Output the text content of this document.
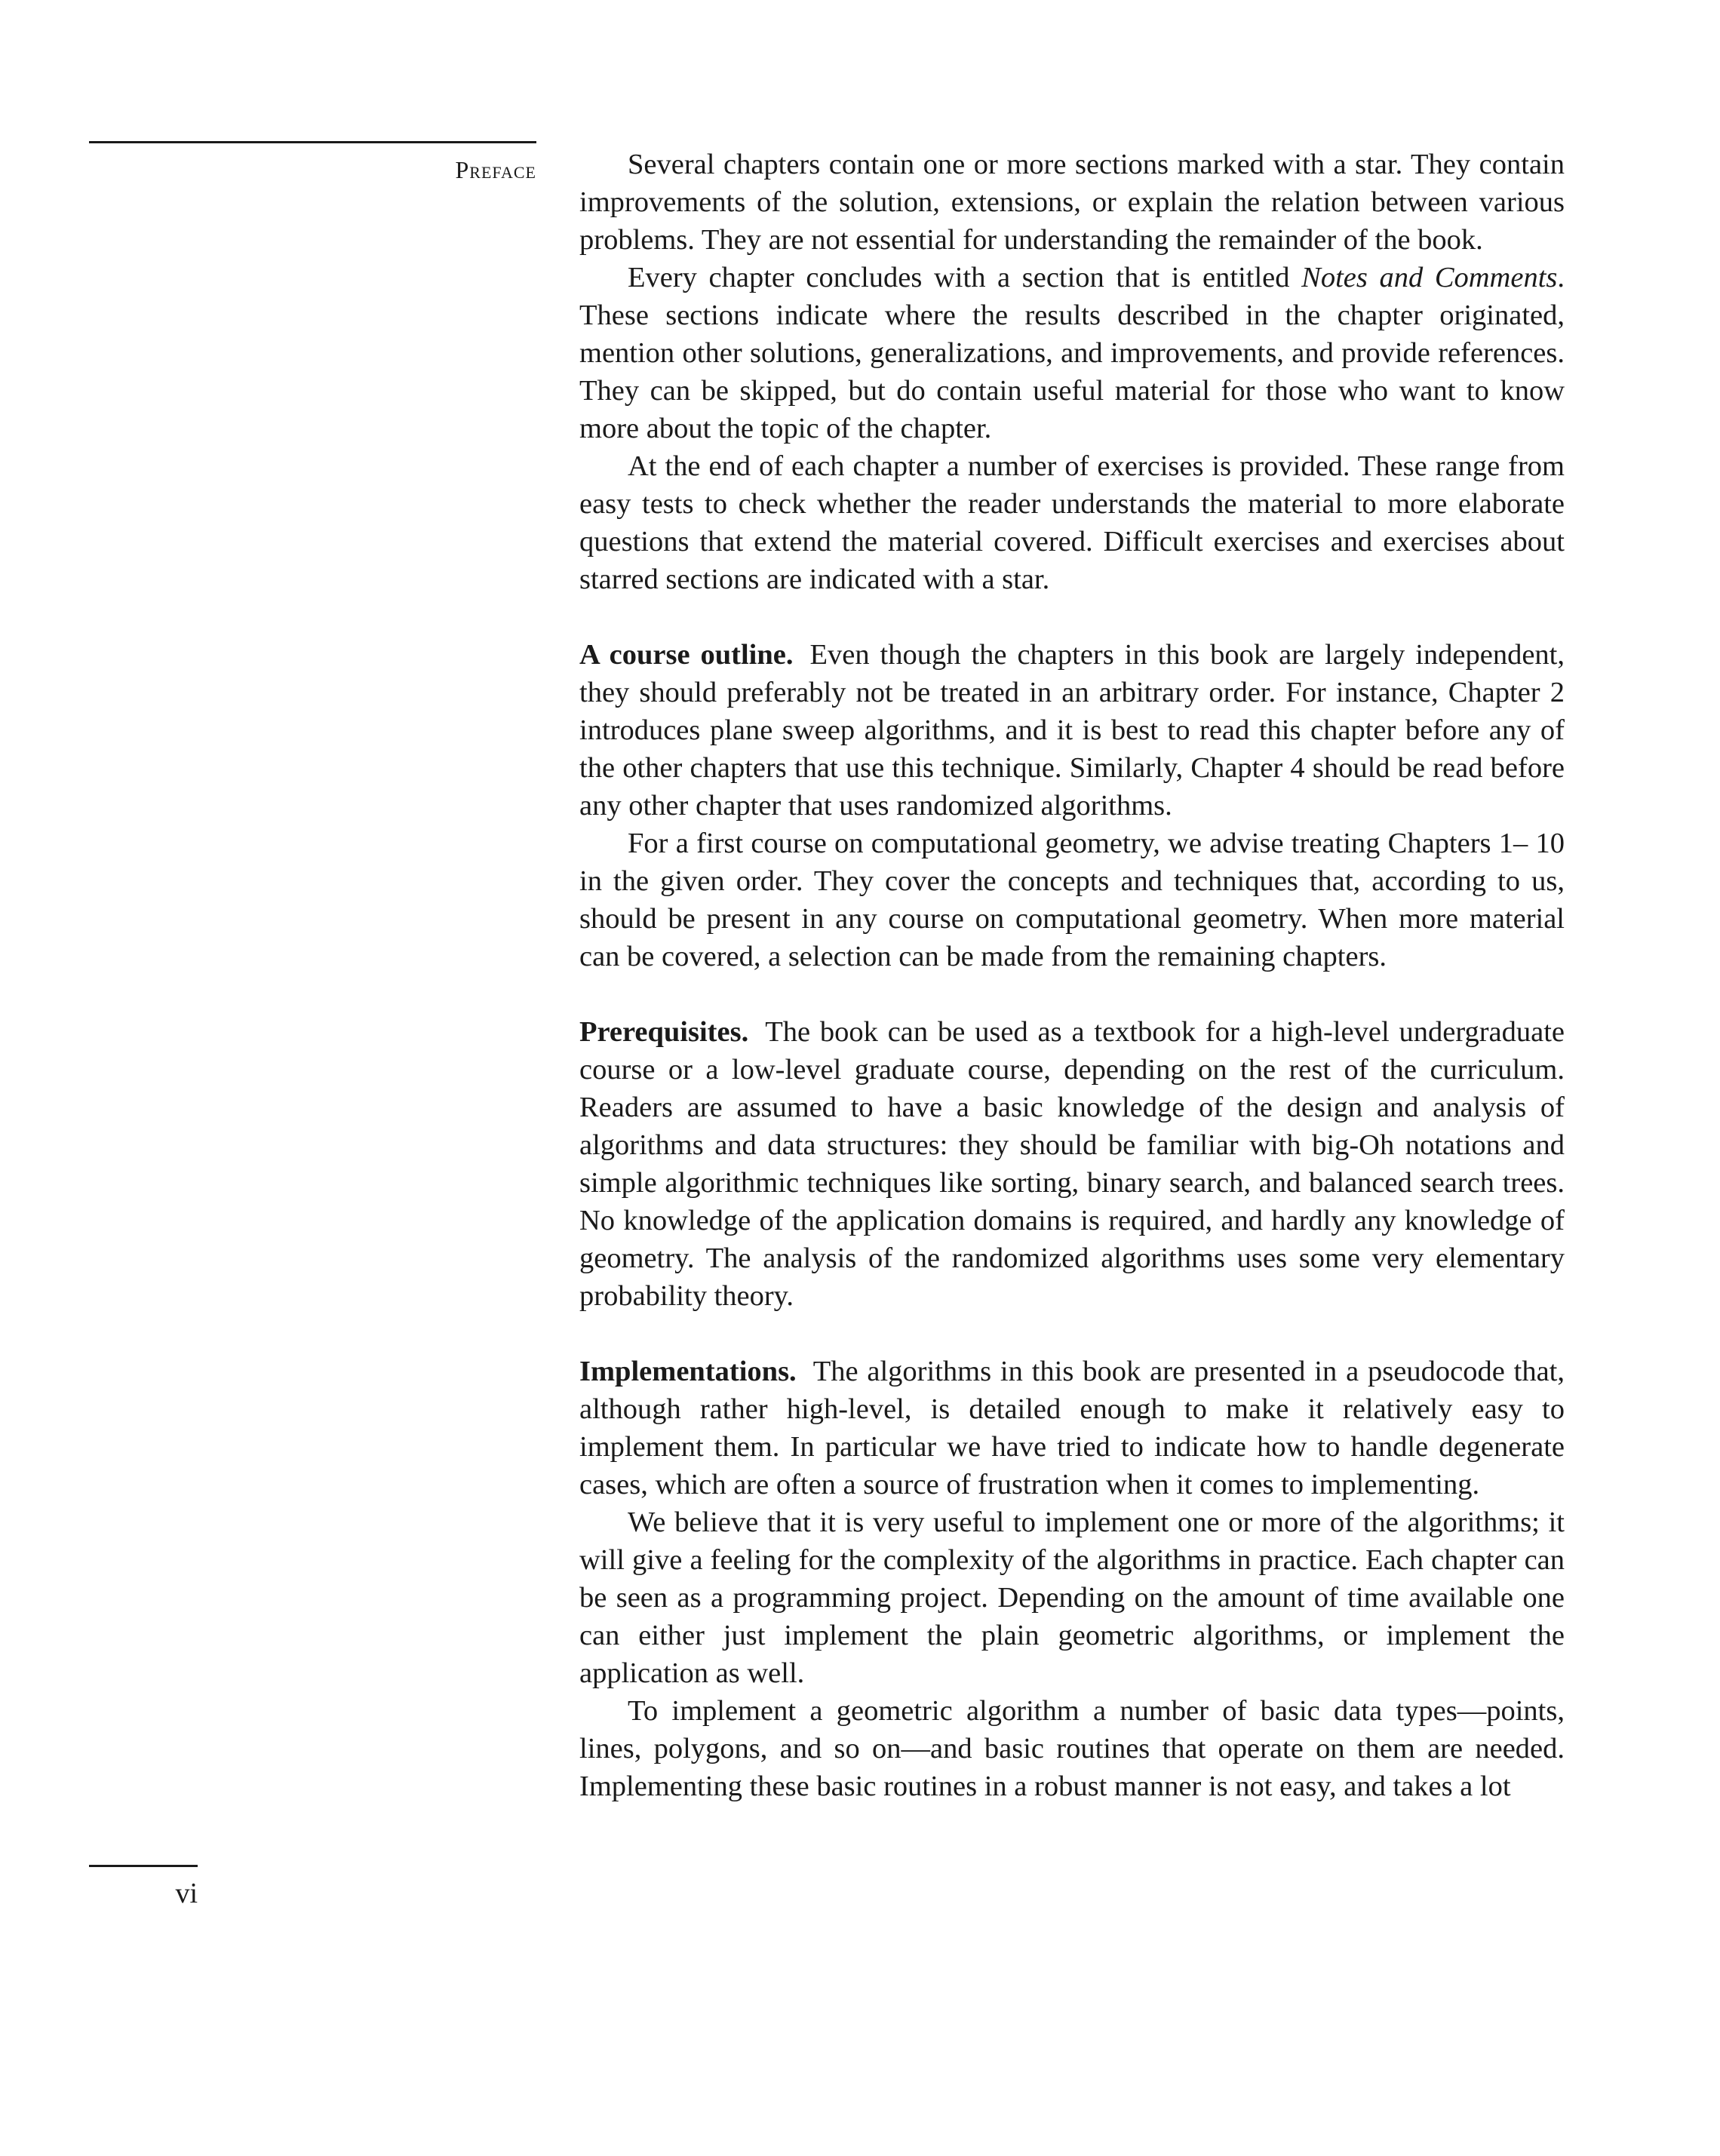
Preface	Several chapters contain one or more sections marked with a star. They contain improvements of the solution, extensions, or explain the relation between various problems. They are not essential for understanding the remainder of the book.

Every chapter concludes with a section that is entitled Notes and Comments. These sections indicate where the results described in the chapter originated, mention other solutions, generalizations, and improvements, and provide references. They can be skipped, but do contain useful material for those who want to know more about the topic of the chapter.

At the end of each chapter a number of exercises is provided. These range from easy tests to check whether the reader understands the material to more elaborate questions that extend the material covered. Difficult exercises and exercises about starred sections are indicated with a star.

A course outline. Even though the chapters in this book are largely independent, they should preferably not be treated in an arbitrary order. For instance, Chapter 2 introduces plane sweep algorithms, and it is best to read this chapter before any of the other chapters that use this technique. Similarly, Chapter 4 should be read before any other chapter that uses randomized algorithms.

For a first course on computational geometry, we advise treating Chapters 1– 10 in the given order. They cover the concepts and techniques that, according to us, should be present in any course on computational geometry. When more material can be covered, a selection can be made from the remaining chapters.

Prerequisites. The book can be used as a textbook for a high-level undergraduate course or a low-level graduate course, depending on the rest of the curriculum. Readers are assumed to have a basic knowledge of the design and analysis of algorithms and data structures: they should be familiar with big-Oh notations and simple algorithmic techniques like sorting, binary search, and balanced search trees. No knowledge of the application domains is required, and hardly any knowledge of geometry. The analysis of the randomized algorithms uses some very elementary probability theory.

Implementations. The algorithms in this book are presented in a pseudocode that, although rather high-level, is detailed enough to make it relatively easy to implement them. In particular we have tried to indicate how to handle degenerate cases, which are often a source of frustration when it comes to implementing.

We believe that it is very useful to implement one or more of the algorithms; it will give a feeling for the complexity of the algorithms in practice. Each chapter can be seen as a programming project. Depending on the amount of time available one can either just implement the plain geometric algorithms, or implement the application as well.

To implement a geometric algorithm a number of basic data types—points, lines, polygons, and so on—and basic routines that operate on them are needed. Implementing these basic routines in a robust manner is not easy, and takes a lot

vi
